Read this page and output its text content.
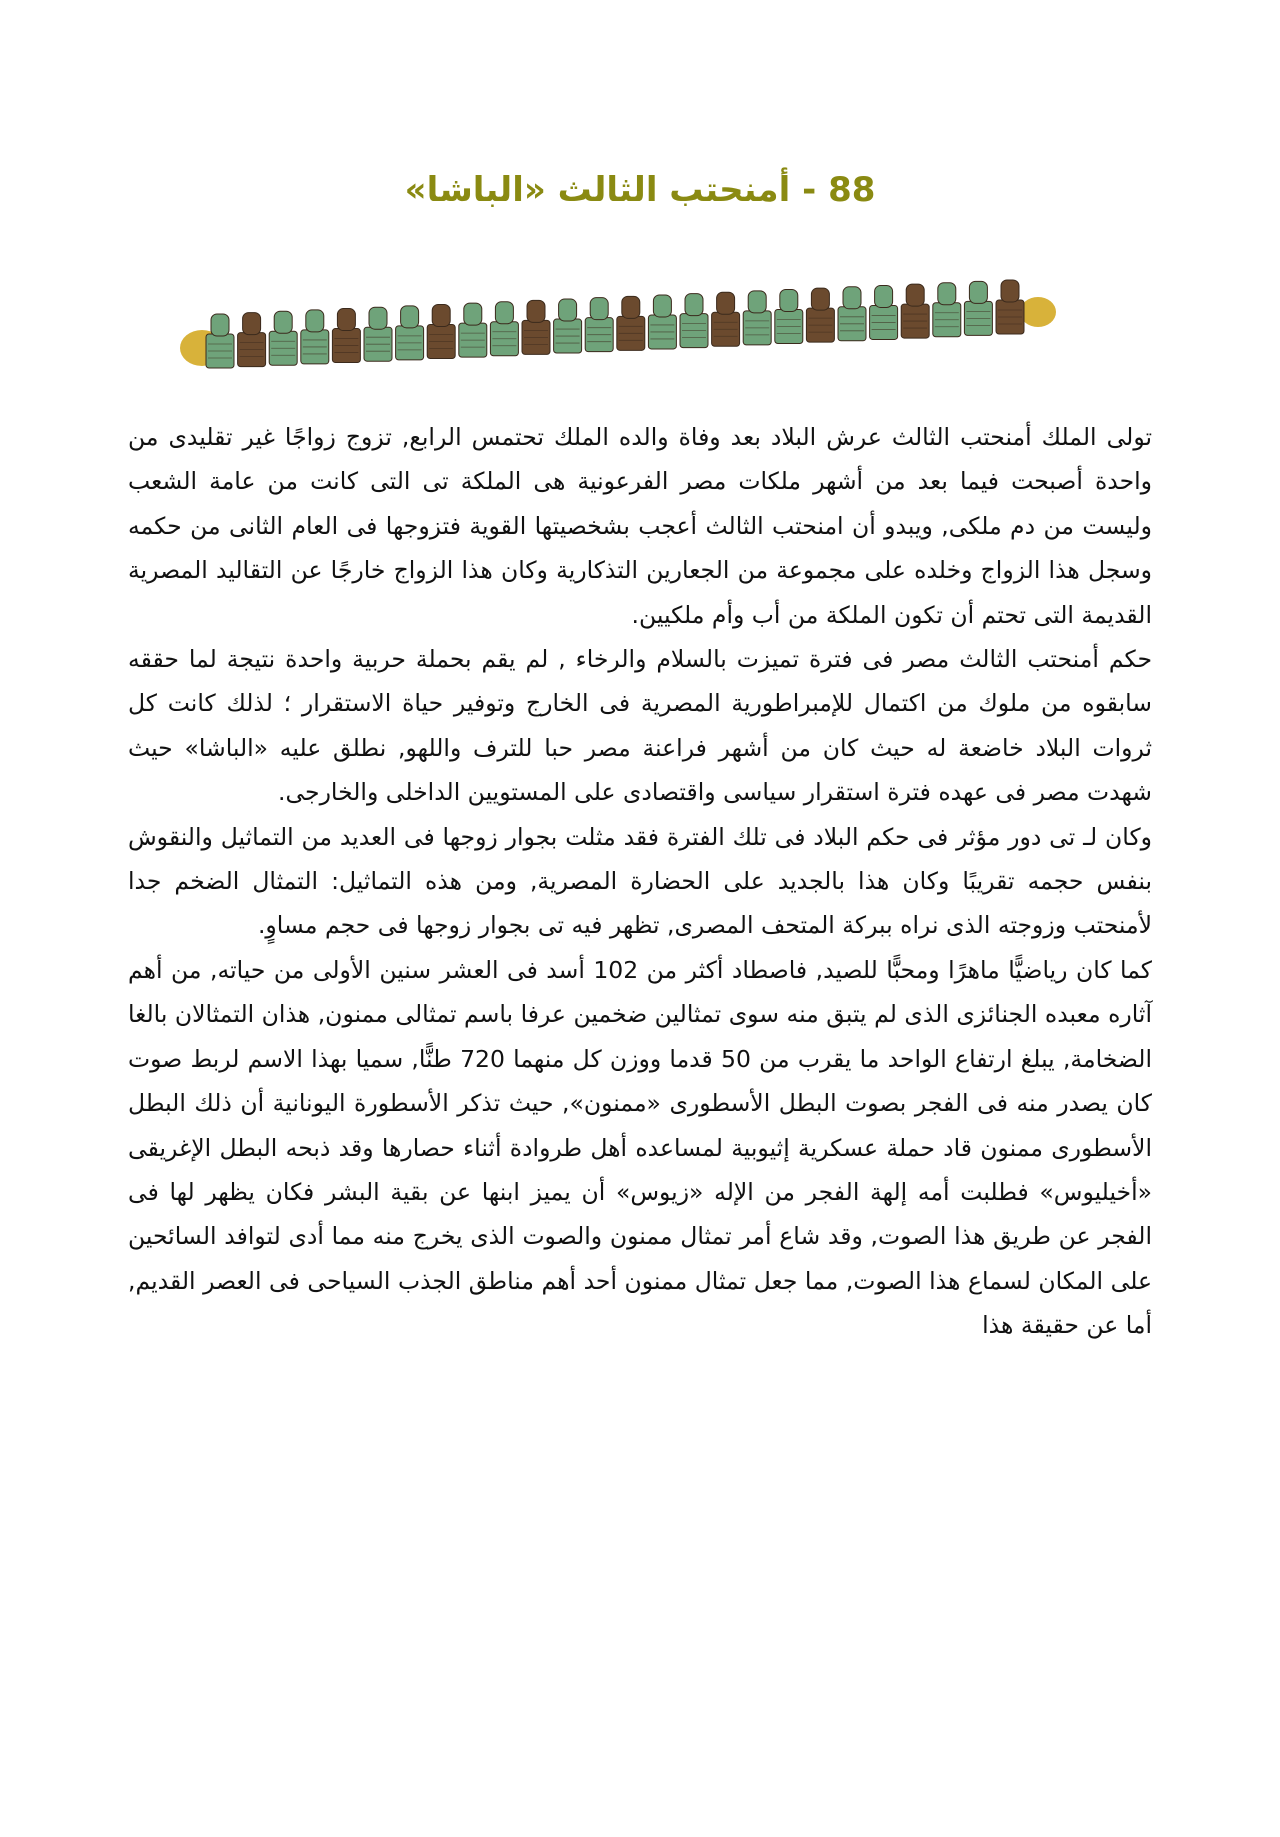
88 - أمنحتب الثالث «الباشا»

تولى الملك أمنحتب الثالث عرش البلاد بعد وفاة والده الملك تحتمس الرابع, تزوج زواجًا غير تقليدى من واحدة أصبحت فيما بعد من أشهر ملكات مصر الفرعونية هى الملكة تى التى كانت من عامة الشعب وليست من دم ملكى, ويبدو أن امنحتب الثالث أعجب بشخصيتها القوية فتزوجها فى العام الثانى من حكمه وسجل هذا الزواج وخلده على مجموعة من الجعارين التذكارية وكان هذا الزواج خارجًا عن التقاليد المصرية القديمة التى تحتم أن تكون الملكة من أب وأم ملكيين.

حكم أمنحتب الثالث مصر فى فترة تميزت بالسلام والرخاء , لم يقم بحملة حربية واحدة نتيجة لما حققه سابقوه من ملوك من اكتمال للإمبراطورية المصرية فى الخارج وتوفير حياة الاستقرار ؛ لذلك كانت كل ثروات البلاد خاضعة له حيث كان من أشهر فراعنة مصر حبا للترف واللهو, نطلق عليه «الباشا» حيث شهدت مصر فى عهده فترة استقرار سياسى واقتصادى على المستويين الداخلى والخارجى.

وكان لـ تى دور مؤثر فى حكم البلاد فى تلك الفترة فقد مثلت بجوار زوجها فى العديد من التماثيل والنقوش بنفس حجمه تقريبًا وكان هذا بالجديد على الحضارة المصرية, ومن هذه التماثيل: التمثال الضخم جدا لأمنحتب وزوجته الذى نراه ببركة المتحف المصرى, تظهر فيه تى بجوار زوجها فى حجم مساوٍ.

كما كان رياضيًّا ماهرًا ومحبًّا للصيد, فاصطاد أكثر من 102 أسد فى العشر سنين الأولى من حياته, من أهم آثاره معبده الجنائزى الذى لم يتبق منه سوى تمثالين ضخمين عرفا باسم تمثالى ممنون, هذان التمثالان بالغا الضخامة, يبلغ ارتفاع الواحد ما يقرب من 50 قدما ووزن كل منهما 720 طنًّا, سميا بهذا الاسم لربط صوت كان يصدر منه فى الفجر بصوت البطل الأسطورى «ممنون», حيث تذكر الأسطورة اليونانية أن ذلك البطل الأسطورى ممنون قاد حملة عسكرية إثيوبية لمساعده أهل طروادة أثناء حصارها وقد ذبحه البطل الإغريقى «أخيليوس» فطلبت أمه إلهة الفجر من الإله «زيوس» أن يميز ابنها عن بقية البشر فكان يظهر لها فى الفجر عن طريق هذا الصوت, وقد شاع أمر تمثال ممنون والصوت الذى يخرج منه مما أدى لتوافد السائحين على المكان لسماع هذا الصوت, مما جعل تمثال ممنون أحد أهم مناطق الجذب السياحى فى العصر القديم, أما عن حقيقة هذا
